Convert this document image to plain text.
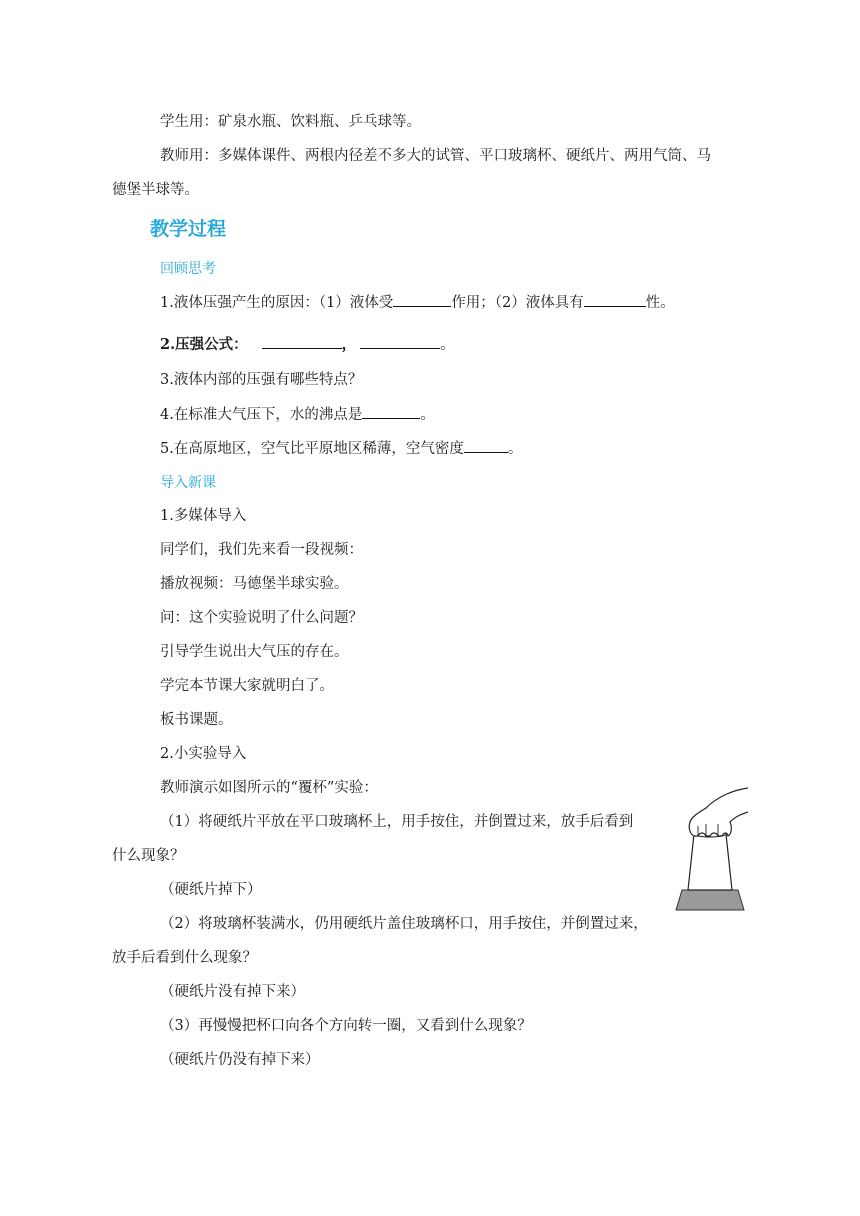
学生用：矿泉水瓶、饮料瓶、乒乓球等。
教师用：多媒体课件、两根内径差不多大的试管、平口玻璃杯、硬纸片、两用气筒、马
德堡半球等。
教学过程
回顾思考
1.液体压强产生的原因：（1）液体受	作用；（2）液体具有	性。
2.压强公式：	，	。
3.液体内部的压强有哪些特点？
4.在标准大气压下，水的沸点是	。
5.在高原地区，空气比平原地区稀薄，空气密度	。
导入新课
1.多媒体导入
同学们，我们先来看一段视频：
播放视频：马德堡半球实验。
问：这个实验说明了什么问题？
引导学生说出大气压的存在。
学完本节课大家就明白了。
板书课题。
2.小实验导入
教师演示如图所示的“覆杯”实验：
（1）将硬纸片平放在平口玻璃杯上，用手按住，并倒置过来，放手后看到
什么现象？
（硬纸片掉下）
（2）将玻璃杯装满水，仍用硬纸片盖住玻璃杯口，用手按住，并倒置过来，
放手后看到什么现象？
（硬纸片没有掉下来）
（3）再慢慢把杯口向各个方向转一圈，又看到什么现象？
（硬纸片仍没有掉下来）
